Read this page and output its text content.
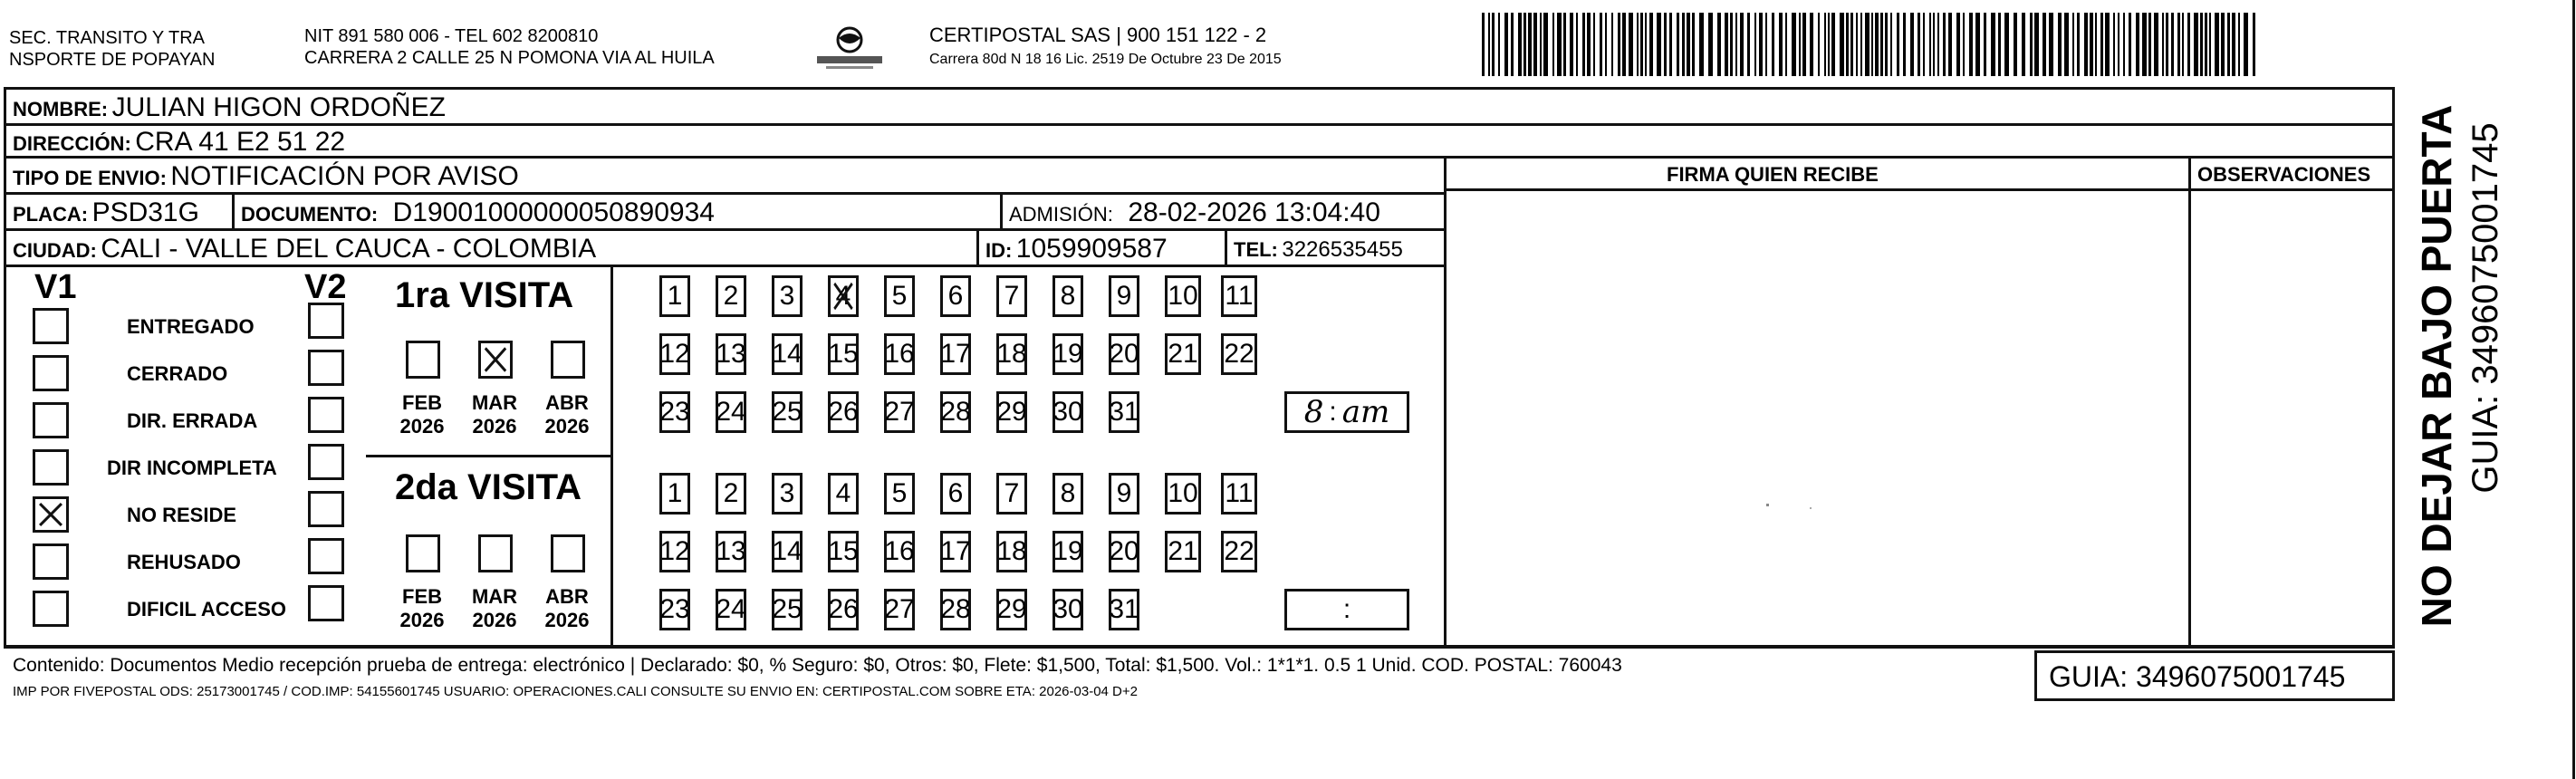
SEC. TRANSITO Y TRA
NSPORTE DE POPAYAN
NIT 891 580 006 - TEL 602 8200810
CARRERA 2 CALLE 25 N POMONA VIA AL HUILA
CERTIPOSTAL SAS | 900 151 122 - 2
Carrera 80d N 18 16 Lic. 2519 De Octubre 23 De 2015
NOMBRE: JULIAN HIGON ORDOÑEZ
DIRECCIÓN: CRA 41 E2 51 22
TIPO DE ENVIO: NOTIFICACIÓN POR AVISO	FIRMA QUIEN RECIBE	OBSERVACIONES
PLACA: PSD31G DOCUMENTO: D19001000000050890934	ADMISIÓN: 28-02-2026 13:04:40
CIUDAD: CALI - VALLE DEL CAUCA - COLOMBIA	ID: 1059909587	TEL: 3226535455
V1	V2
ENTREGADO
CERRADO
DIR. ERRADA
DIR INCOMPLETA
NO RESIDE
REHUSADO
DIFICIL ACCESO
1ra VISITA
FEB
2026
MAR
2026
ABR
2026
1 2 3 4 5 6 7 8 9 10 11
12 13 14 15 16 17 18 19 20 21 22
23 24 25 26 27 28 29 30 31	8 : am
2da VISITA
FEB
2026
MAR
2026
ABR
2026
1 2 3 4 5 6 7 8 9 10 11
12 13 14 15 16 17 18 19 20 21 22
23 24 25 26 27 28 29 30 31	:
Contenido: Documentos Medio recepción prueba de entrega: electrónico | Declarado: $0, % Seguro: $0, Otros: $0, Flete: $1,500, Total: $1,500. Vol.: 1*1*1. 0.5 1 Unid. COD. POSTAL: 760043
IMP POR FIVEPOSTAL ODS: 25173001745 / COD.IMP: 54155601745 USUARIO: OPERACIONES.CALI CONSULTE SU ENVIO EN: CERTIPOSTAL.COM SOBRE ETA: 2026-03-04 D+2	GUIA: 3496075001745
NO DEJAR BAJO PUERTA GUIA: 3496075001745
